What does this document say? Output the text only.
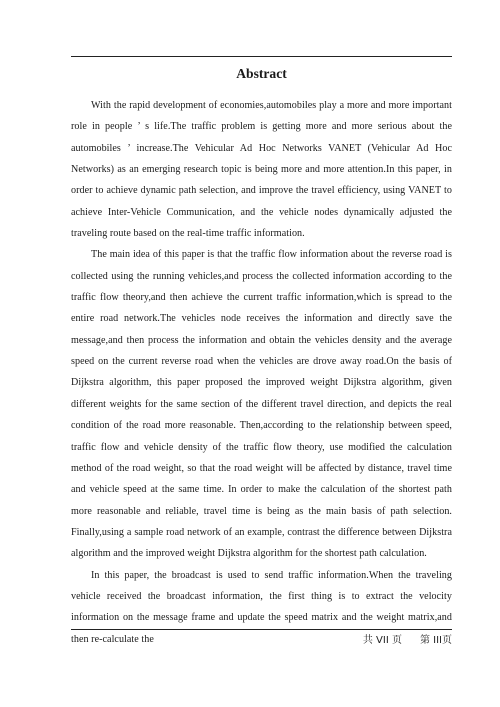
Abstract

With the rapid development of economies,automobiles play a more and more important role in people ’ s life.The traffic problem is getting more and more serious about the automobiles ’ increase.The Vehicular Ad Hoc Networks VANET (Vehicular Ad Hoc Networks) as an emerging research topic is being more and more attention.In this paper, in order to achieve dynamic path selection, and improve the travel efficiency, using VANET to achieve Inter-Vehicle Communication, and the vehicle nodes dynamically adjusted the traveling route based on the real-time traffic information.

The main idea of this paper is that the traffic flow information about the reverse road is collected using the running vehicles,and process the collected information according to the traffic flow theory,and then achieve the current traffic information,which is spread to the entire road network.The vehicles node receives the information and directly save the message,and then process the information and obtain the vehicles density and the average speed on the current reverse road when the vehicles are drove away road.On the basis of Dijkstra algorithm, this paper proposed the improved weight Dijkstra algorithm, given different weights for the same section of the different travel direction, and depicts the real condition of the road more reasonable. Then,according to the relationship between speed, traffic flow and vehicle density of the traffic flow theory, use modified the calculation method of the road weight, so that the road weight will be affected by distance, travel time and vehicle speed at the same time. In order to make the calculation of the shortest path more reasonable and reliable, travel time is being as the main basis of path selection. Finally,using a sample road network of an example, contrast the difference between Dijkstra algorithm and the improved weight Dijkstra algorithm for the shortest path calculation.

In this paper, the broadcast is used to send traffic information.When the traveling vehicle received the broadcast information, the first thing is to extract the velocity information on the message frame and update the speed matrix and the weight matrix,and then re-calculate the	共 VII 页 第 III页
